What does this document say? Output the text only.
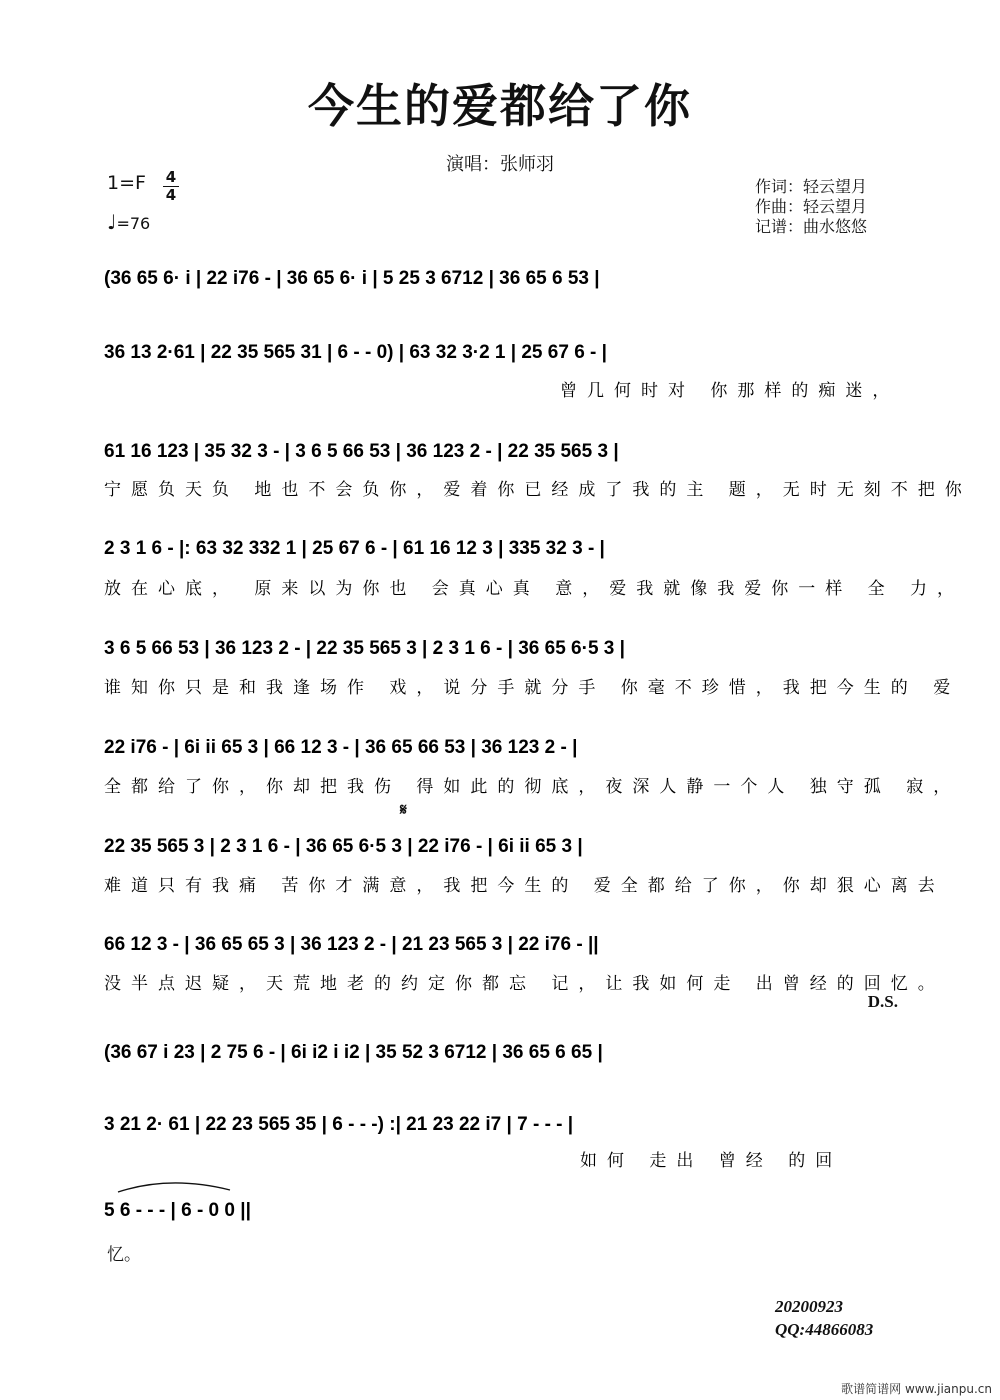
今生的爱都给了你
演唱：张师羽
1=F 4
4
♩=76
作词：轻云望月
作曲：轻云望月
记谱：曲水悠悠
(36 65 6· i | 22 i76 - | 36 65 6· i | 5 25 3 6712 | 36 65 6 53 |
36 13 2·61 | 22 35 565 31 | 6 - - 0) | 63 32 3·2 1 | 25 67 6 - |
曾几何时对 你那样的痴迷，
61 16 123 | 35 32 3 - | 3 6 5 66 53 | 36 123 2 - | 22 35 565 3 |
宁愿负天负 地也不会负你，爱着你已经成了我的主 题，无时无刻不把你
2 3 1 6 - |: 63 32 332 1 | 25 67 6 - | 61 16 12 3 | 335 32 3 - |
放在心底， 原来以为你也 会真心真 意，爱我就像我爱你一样 全 力，
3 6 5 66 53 | 36 123 2 - | 22 35 565 3 | 2 3 1 6 - | 36 65 6·5 3 |
谁知你只是和我逢场作 戏，说分手就分手 你毫不珍惜，我把今生的 爱
22 i76 - | 6i ii 65 3 | 66 12 3 - | 36 65 66 53 | 36 123 2 - |
全都给了你，你却把我伤 得如此的彻底，夜深人静一个人 独守孤 寂，
22 35 565 3 | 2 3 1 6 - | 36 65 6·5 3 | 22 i76 - | 6i ii 65 3 |
难道只有我痛 苦你才满意，我把今生的 爱全都给了你，你却狠心离去
66 12 3 - | 36 65 65 3 | 36 123 2 - | 21 23 565 3 | 22 i76 - ||
没半点迟疑，天荒地老的约定你都忘 记，让我如何走 出曾经的回忆。
(36 67 i 23 | 2 75 6 - | 6i i2 i i2 | 35 52 3 6712 | 36 65 6 65 |
3 21 2· 61 | 22 23 565 35 | 6 - - -) :| 21 23 22 i7 | 7 - - - |
如何 走出 曾经 的回
5 6 - - - | 6 - 0 0 ||
忆。
𝄋
D.S.
20200923
QQ:44866083
歌谱简谱网 www.jianpu.cn
